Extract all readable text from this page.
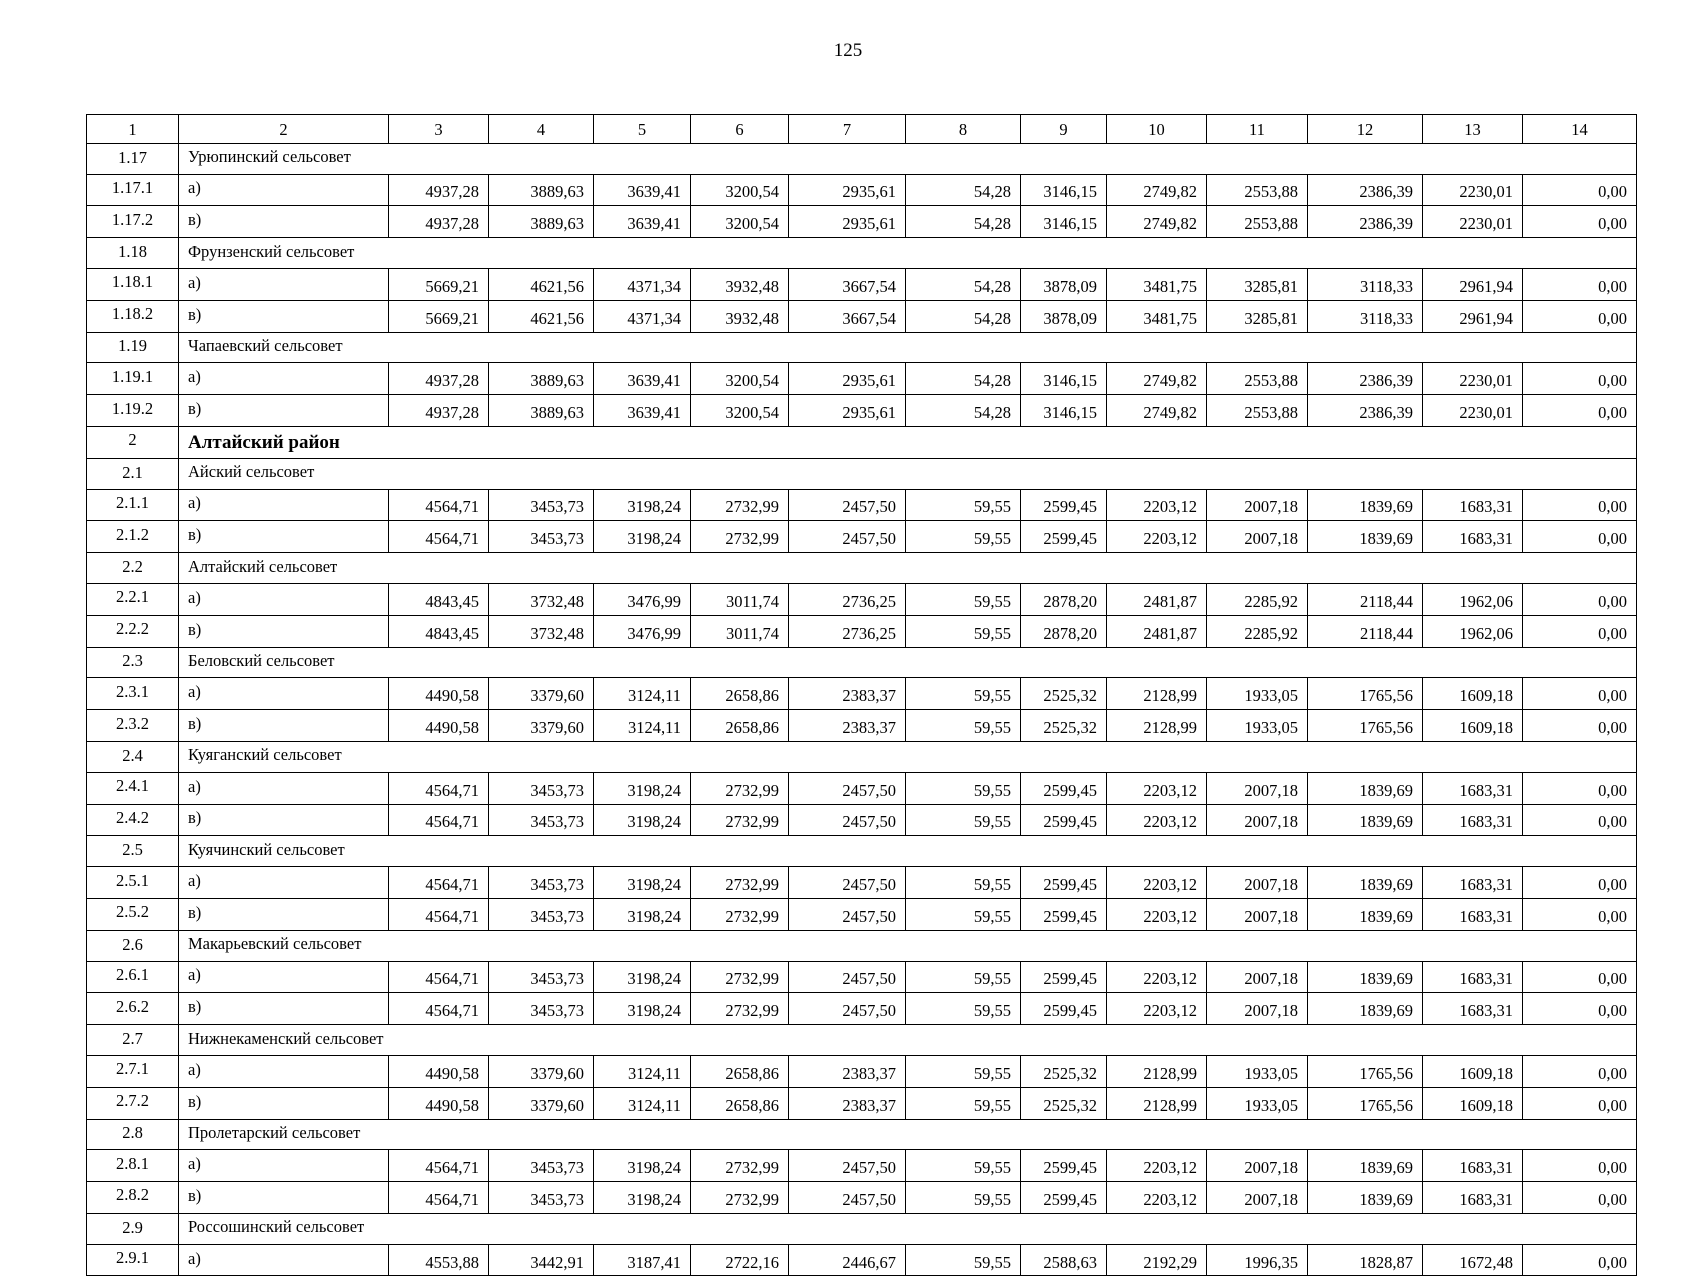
125
1	2	3	4	5	6	7	8	9	10	11	12	13	14
1.17	Урюпинский сельсовет												
1.17.1	а)	4937,28	3889,63	3639,41	3200,54	2935,61	54,28	3146,15	2749,82	2553,88	2386,39	2230,01	0,00
1.17.2	в)	4937,28	3889,63	3639,41	3200,54	2935,61	54,28	3146,15	2749,82	2553,88	2386,39	2230,01	0,00
1.18	Фрунзенский сельсовет												
1.18.1	а)	5669,21	4621,56	4371,34	3932,48	3667,54	54,28	3878,09	3481,75	3285,81	3118,33	2961,94	0,00
1.18.2	в)	5669,21	4621,56	4371,34	3932,48	3667,54	54,28	3878,09	3481,75	3285,81	3118,33	2961,94	0,00
1.19	Чапаевский сельсовет												
1.19.1	а)	4937,28	3889,63	3639,41	3200,54	2935,61	54,28	3146,15	2749,82	2553,88	2386,39	2230,01	0,00
1.19.2	в)	4937,28	3889,63	3639,41	3200,54	2935,61	54,28	3146,15	2749,82	2553,88	2386,39	2230,01	0,00
2	Алтайский район												
2.1	Айский сельсовет												
2.1.1	а)	4564,71	3453,73	3198,24	2732,99	2457,50	59,55	2599,45	2203,12	2007,18	1839,69	1683,31	0,00
2.1.2	в)	4564,71	3453,73	3198,24	2732,99	2457,50	59,55	2599,45	2203,12	2007,18	1839,69	1683,31	0,00
2.2	Алтайский сельсовет												
2.2.1	а)	4843,45	3732,48	3476,99	3011,74	2736,25	59,55	2878,20	2481,87	2285,92	2118,44	1962,06	0,00
2.2.2	в)	4843,45	3732,48	3476,99	3011,74	2736,25	59,55	2878,20	2481,87	2285,92	2118,44	1962,06	0,00
2.3	Беловский сельсовет												
2.3.1	а)	4490,58	3379,60	3124,11	2658,86	2383,37	59,55	2525,32	2128,99	1933,05	1765,56	1609,18	0,00
2.3.2	в)	4490,58	3379,60	3124,11	2658,86	2383,37	59,55	2525,32	2128,99	1933,05	1765,56	1609,18	0,00
2.4	Куяганский сельсовет												
2.4.1	а)	4564,71	3453,73	3198,24	2732,99	2457,50	59,55	2599,45	2203,12	2007,18	1839,69	1683,31	0,00
2.4.2	в)	4564,71	3453,73	3198,24	2732,99	2457,50	59,55	2599,45	2203,12	2007,18	1839,69	1683,31	0,00
2.5	Куячинский сельсовет												
2.5.1	а)	4564,71	3453,73	3198,24	2732,99	2457,50	59,55	2599,45	2203,12	2007,18	1839,69	1683,31	0,00
2.5.2	в)	4564,71	3453,73	3198,24	2732,99	2457,50	59,55	2599,45	2203,12	2007,18	1839,69	1683,31	0,00
2.6	Макарьевский сельсовет												
2.6.1	а)	4564,71	3453,73	3198,24	2732,99	2457,50	59,55	2599,45	2203,12	2007,18	1839,69	1683,31	0,00
2.6.2	в)	4564,71	3453,73	3198,24	2732,99	2457,50	59,55	2599,45	2203,12	2007,18	1839,69	1683,31	0,00
2.7	Нижнекаменский сельсовет												
2.7.1	а)	4490,58	3379,60	3124,11	2658,86	2383,37	59,55	2525,32	2128,99	1933,05	1765,56	1609,18	0,00
2.7.2	в)	4490,58	3379,60	3124,11	2658,86	2383,37	59,55	2525,32	2128,99	1933,05	1765,56	1609,18	0,00
2.8	Пролетарский сельсовет												
2.8.1	а)	4564,71	3453,73	3198,24	2732,99	2457,50	59,55	2599,45	2203,12	2007,18	1839,69	1683,31	0,00
2.8.2	в)	4564,71	3453,73	3198,24	2732,99	2457,50	59,55	2599,45	2203,12	2007,18	1839,69	1683,31	0,00
2.9	Россошинский сельсовет												
2.9.1	а)	4553,88	3442,91	3187,41	2722,16	2446,67	59,55	2588,63	2192,29	1996,35	1828,87	1672,48	0,00
